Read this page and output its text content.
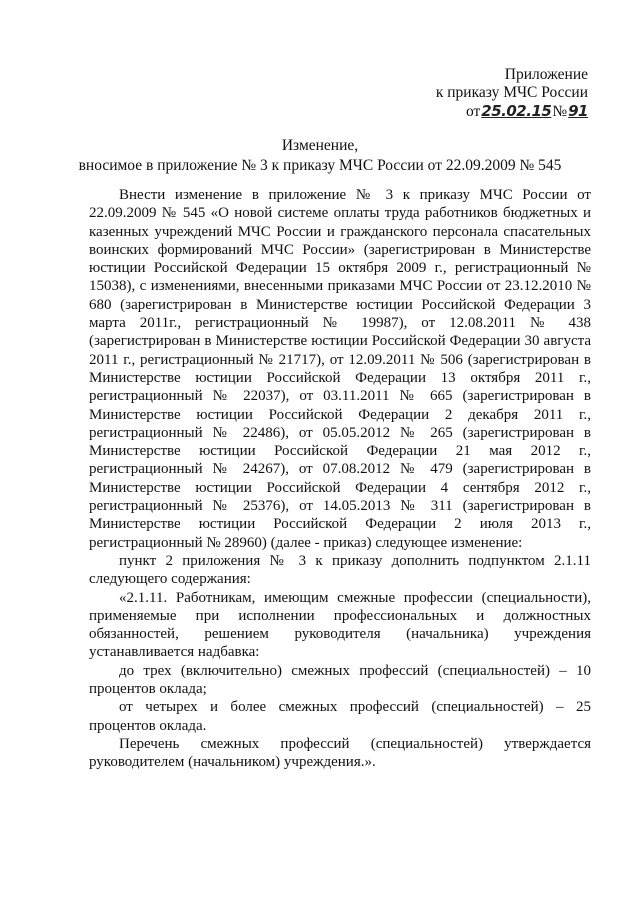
Приложение
к приказу МЧС России
от 25.02.15 № 91
Изменение,
вносимое в приложение № 3 к приказу МЧС России от 22.09.2009 № 545

Внести изменение в приложение № 3 к приказу МЧС России от 22.09.2009 № 545 «О новой системе оплаты труда работников бюджетных и казенных учреждений МЧС России и гражданского персонала спасательных воинских формирований МЧС России» (зарегистрирован в Министерстве юстиции Российской Федерации 15 октября 2009 г., регистрационный № 15038), с изменениями, внесенными приказами МЧС России от 23.12.2010 № 680 (зарегистрирован в Министерстве юстиции Российской Федерации 3 марта 2011г., регистрационный № 19987), от 12.08.2011 № 438 (зарегистрирован в Министерстве юстиции Российской Федерации 30 августа 2011 г., регистрационный № 21717), от 12.09.2011 № 506 (зарегистрирован в Министерстве юстиции Российской Федерации 13 октября 2011 г., регистрационный № 22037), от 03.11.2011 № 665 (зарегистрирован в Министерстве юстиции Российской Федерации 2 декабря 2011 г., регистрационный № 22486), от 05.05.2012 № 265 (зарегистрирован в Министерстве юстиции Российской Федерации 21 мая 2012 г., регистрационный № 24267), от 07.08.2012 № 479 (зарегистрирован в Министерстве юстиции Российской Федерации 4 сентября 2012 г., регистрационный № 25376), от 14.05.2013 № 311 (зарегистрирован в Министерстве юстиции Российской Федерации 2 июля 2013 г., регистрационный № 28960) (далее - приказ) следующее изменение:

пункт 2 приложения № 3 к приказу дополнить подпунктом 2.1.11 следующего содержания:

«2.1.11. Работникам, имеющим смежные профессии (специальности), применяемые при исполнении профессиональных и должностных обязанностей, решением руководителя (начальника) учреждения устанавливается надбавка:

до трех (включительно) смежных профессий (специальностей) – 10 процентов оклада;

от четырех и более смежных профессий (специальностей) – 25 процентов оклада.

Перечень смежных профессий (специальностей) утверждается руководителем (начальником) учреждения.».
